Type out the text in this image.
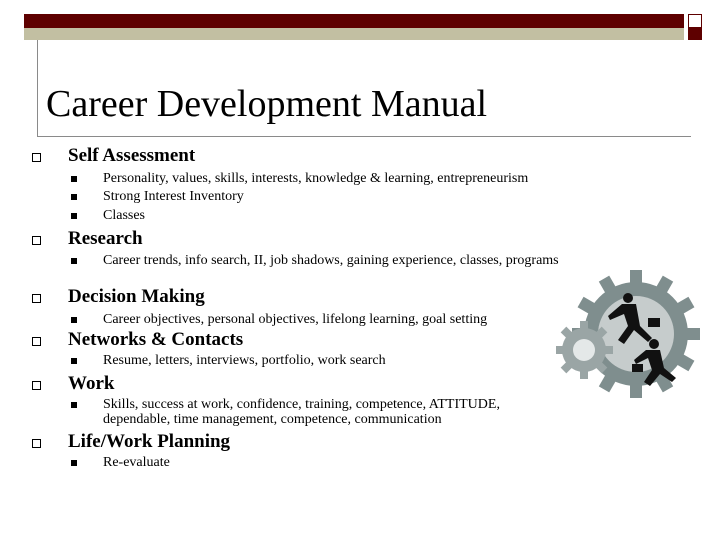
Career Development Manual
Self Assessment
Personality, values, skills, interests, knowledge & learning, entrepreneurism
Strong Interest Inventory
Classes
Research
Career trends, info search, II, job shadows, gaining experience, classes, programs
Decision Making
Career objectives, personal objectives, lifelong learning, goal setting
Networks & Contacts
Resume, letters, interviews, portfolio, work search
Work
Skills, success at work, confidence, training, competence, ATTITUDE, dependable, time management, competence, communication
Life/Work Planning
Re-evaluate
